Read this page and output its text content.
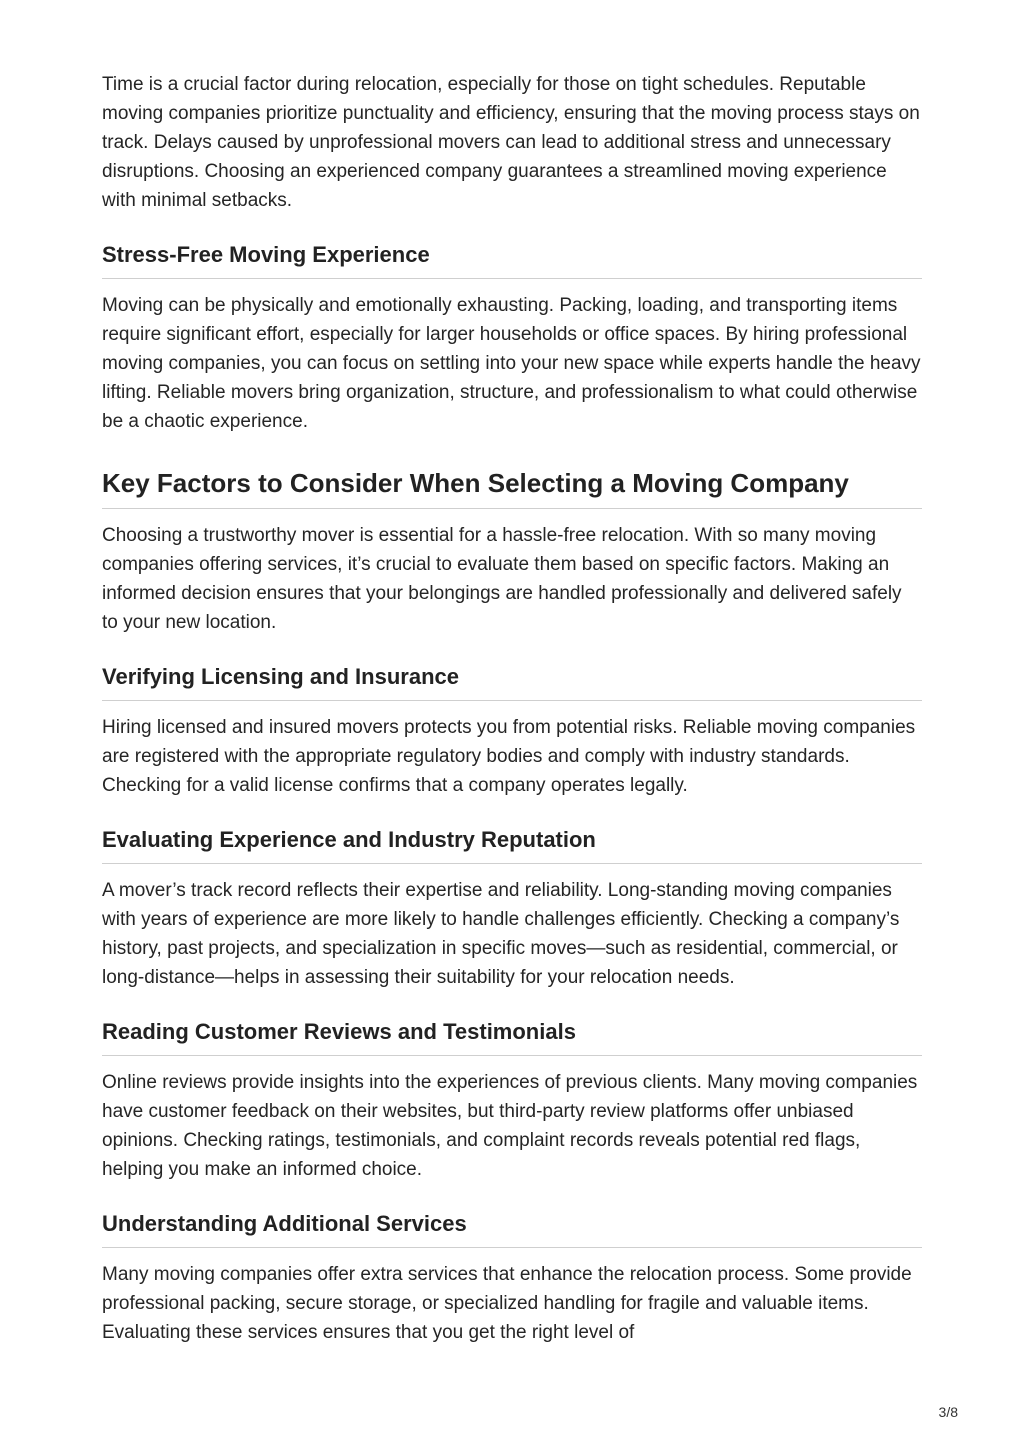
Time is a crucial factor during relocation, especially for those on tight schedules. Reputable moving companies prioritize punctuality and efficiency, ensuring that the moving process stays on track. Delays caused by unprofessional movers can lead to additional stress and unnecessary disruptions. Choosing an experienced company guarantees a streamlined moving experience with minimal setbacks.

Stress-Free Moving Experience

Moving can be physically and emotionally exhausting. Packing, loading, and transporting items require significant effort, especially for larger households or office spaces. By hiring professional moving companies, you can focus on settling into your new space while experts handle the heavy lifting. Reliable movers bring organization, structure, and professionalism to what could otherwise be a chaotic experience.

Key Factors to Consider When Selecting a Moving Company

Choosing a trustworthy mover is essential for a hassle-free relocation. With so many moving companies offering services, it’s crucial to evaluate them based on specific factors. Making an informed decision ensures that your belongings are handled professionally and delivered safely to your new location.

Verifying Licensing and Insurance

Hiring licensed and insured movers protects you from potential risks. Reliable moving companies are registered with the appropriate regulatory bodies and comply with industry standards. Checking for a valid license confirms that a company operates legally.

Evaluating Experience and Industry Reputation

A mover’s track record reflects their expertise and reliability. Long-standing moving companies with years of experience are more likely to handle challenges efficiently. Checking a company’s history, past projects, and specialization in specific moves—such as residential, commercial, or long-distance—helps in assessing their suitability for your relocation needs.

Reading Customer Reviews and Testimonials

Online reviews provide insights into the experiences of previous clients. Many moving companies have customer feedback on their websites, but third-party review platforms offer unbiased opinions. Checking ratings, testimonials, and complaint records reveals potential red flags, helping you make an informed choice.

Understanding Additional Services

Many moving companies offer extra services that enhance the relocation process. Some provide professional packing, secure storage, or specialized handling for fragile and valuable items. Evaluating these services ensures that you get the right level of

3/8
